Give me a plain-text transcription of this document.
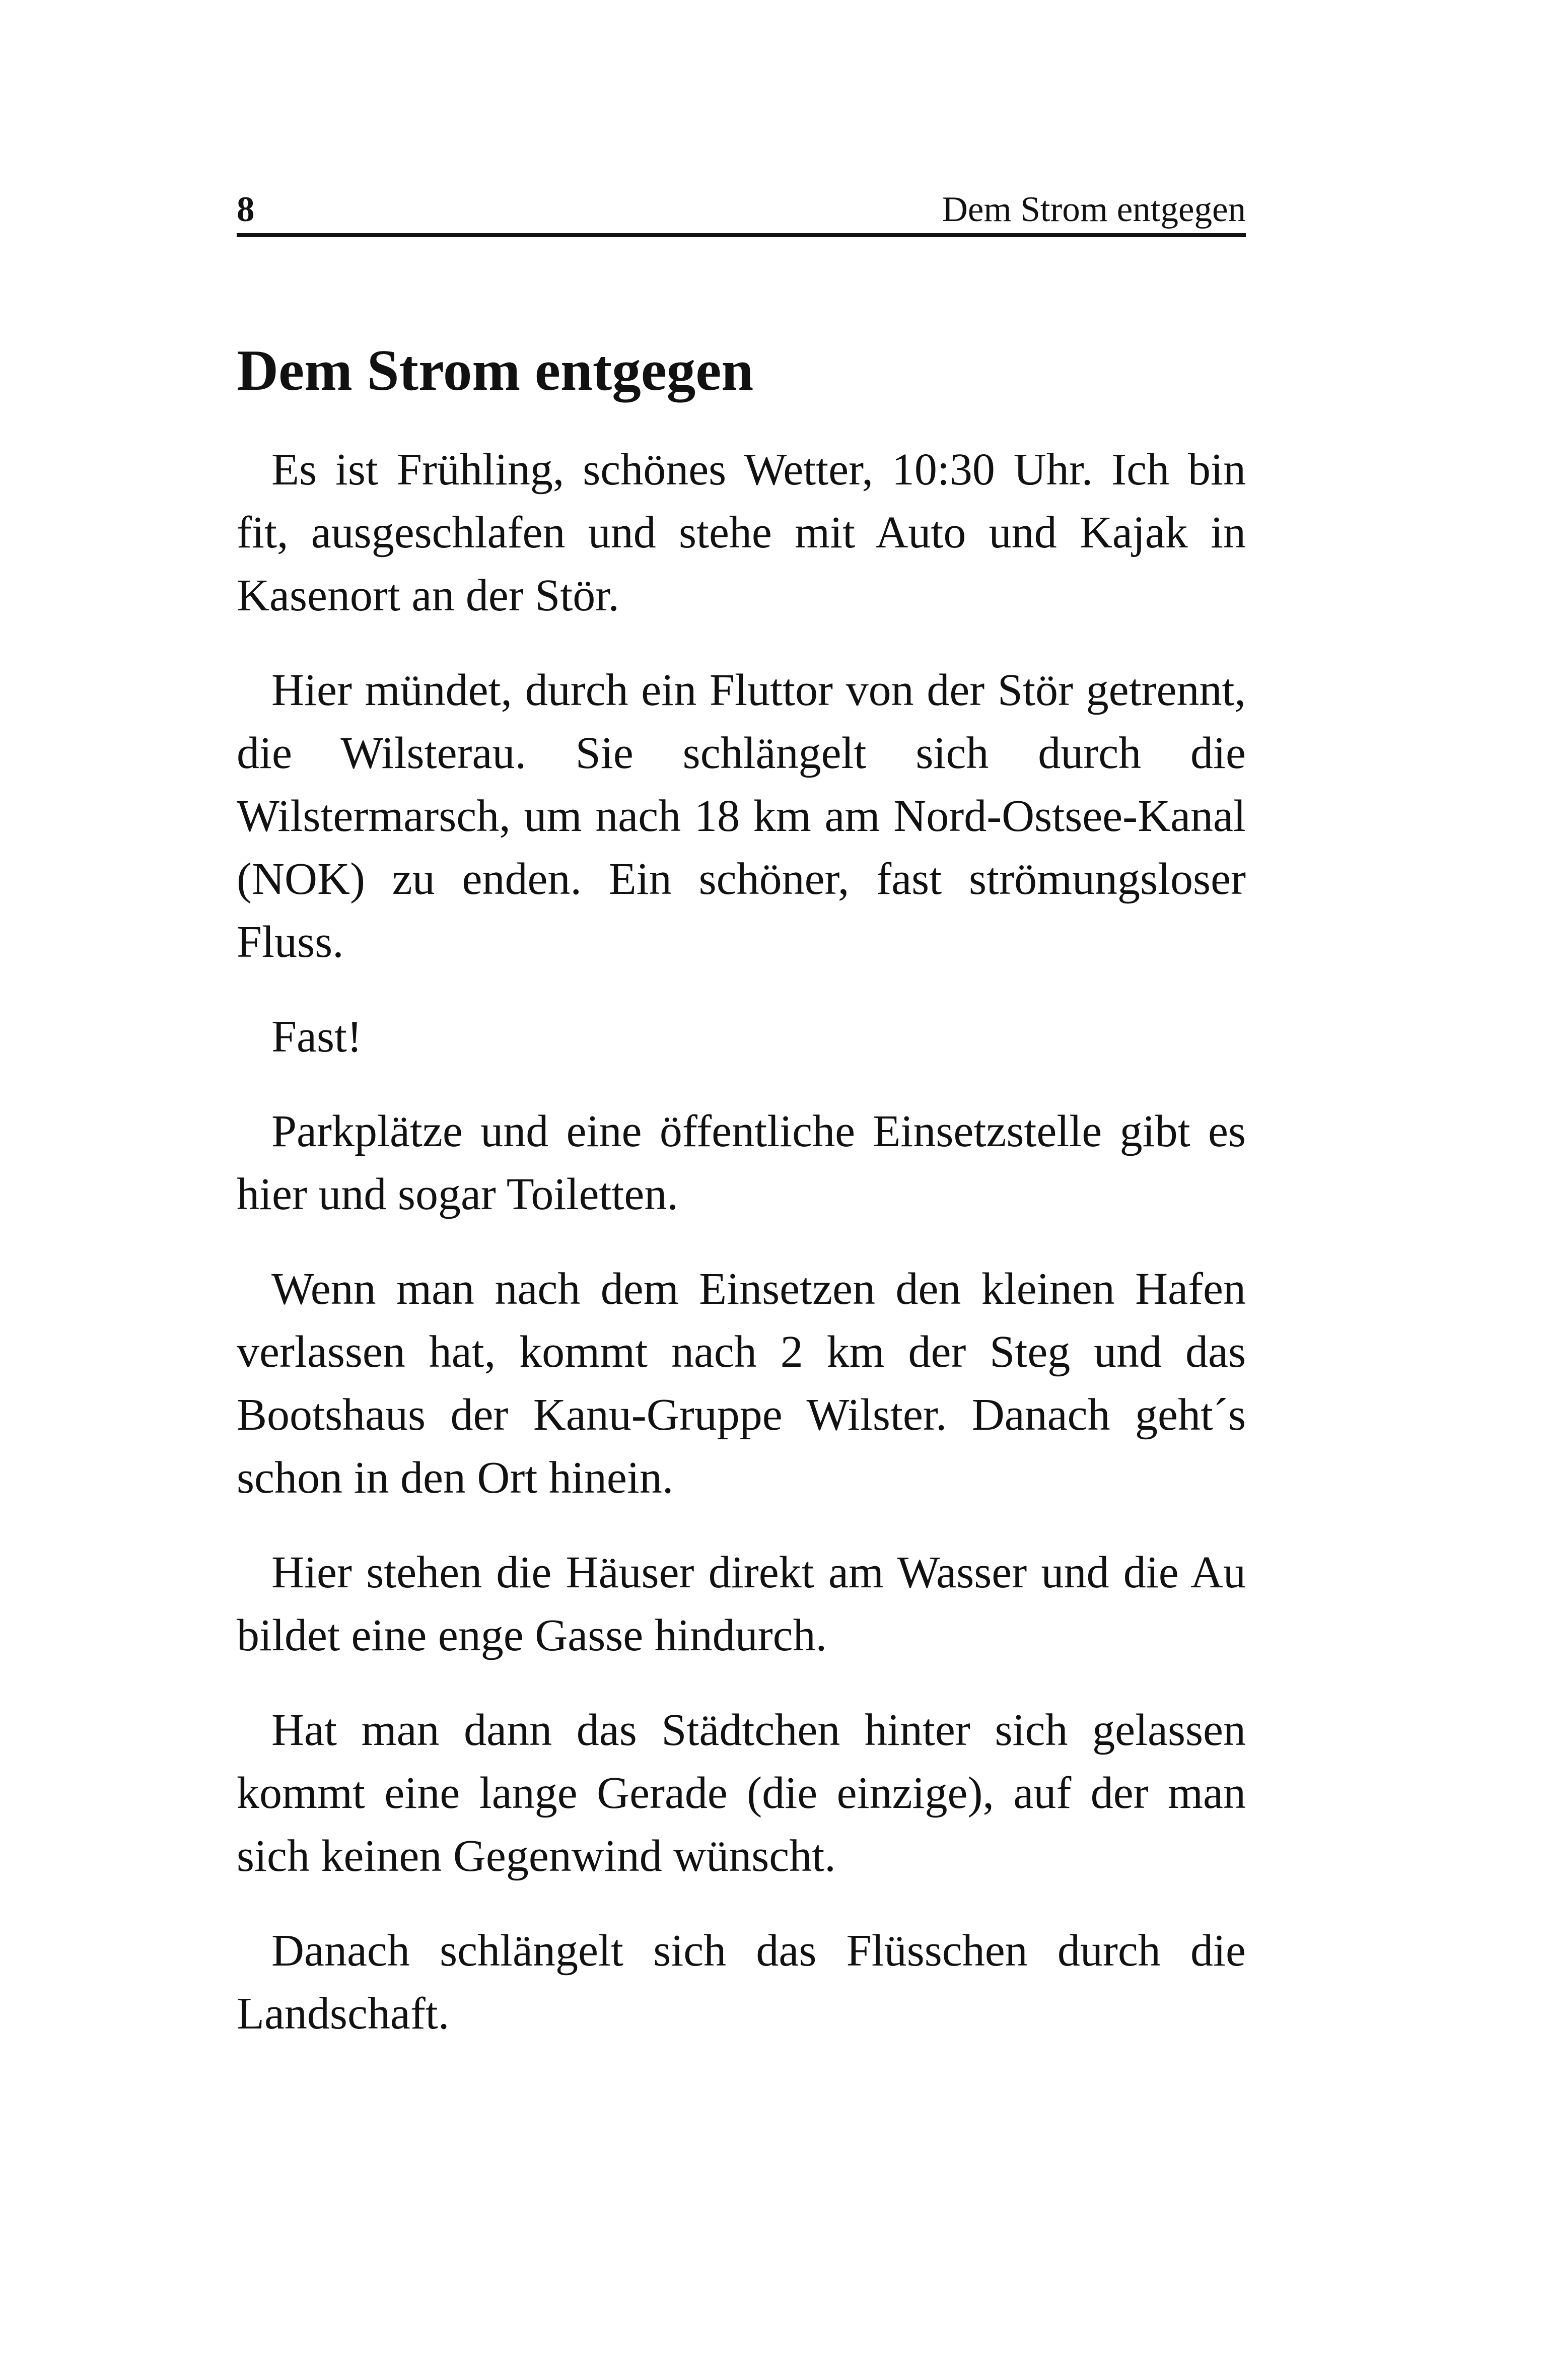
8	Dem Strom entgegen
Dem Strom entgegen

Es ist Frühling, schönes Wetter, 10:30 Uhr. Ich bin fit, ausgeschlafen und stehe mit Auto und Kajak in Kasenort an der Stör.

Hier mündet, durch ein Fluttor von der Stör getrennt, die Wilsterau. Sie schlängelt sich durch die Wilstermarsch, um nach 18 km am Nord-Ostsee-Kanal (NOK) zu enden. Ein schöner, fast strömungsloser Fluss.

Fast!

Parkplätze und eine öffentliche Einsetzstelle gibt es hier und sogar Toiletten.

Wenn man nach dem Einsetzen den kleinen Hafen verlassen hat, kommt nach 2 km der Steg und das Bootshaus der Kanu-Gruppe Wilster. Danach geht´s schon in den Ort hinein.

Hier stehen die Häuser direkt am Wasser und die Au bildet eine enge Gasse hindurch.

Hat man dann das Städtchen hinter sich gelassen kommt eine lange Gerade (die einzige), auf der man sich keinen Gegenwind wünscht.

Danach schlängelt sich das Flüsschen durch die Landschaft.
